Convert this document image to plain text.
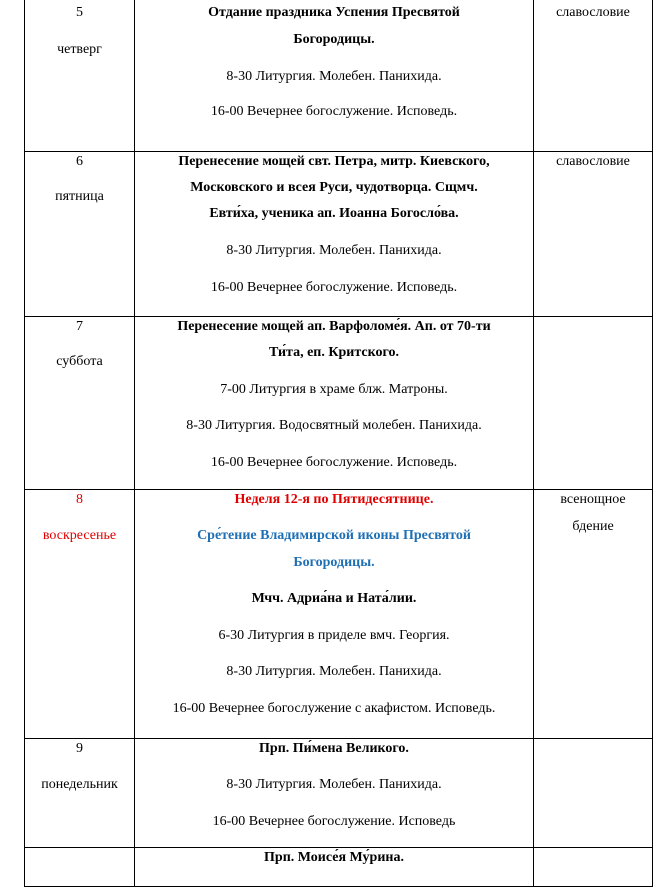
5
четверг
Отдание праздника Успения Пресвятой
Богородицы.
8-30 Литургия. Молебен. Панихида.
16-00 Вечернее богослужение. Исповедь.
славословие
6
пятница
Перенесение мощей свт. Петра, митр. Киевского,
Московского и всея Руси, чудотворца. Сщмч.
Евти́ха, ученика ап. Иоанна Богосло́ва.
8-30 Литургия. Молебен. Панихида.
16-00 Вечернее богослужение. Исповедь.
славословие
7
суббота
Перенесение мощей ап. Варфоломе́я. Ап. от 70-ти
Ти́та, еп. Критского.
7-00 Литургия в храме блж. Матроны.
8-30 Литургия. Водосвятный молебен. Панихида.
16-00 Вечернее богослужение. Исповедь.
8
воскресенье
Неделя 12-я по Пятидесятнице.
Сре́тение Владимирской иконы Пресвятой
Богородицы.
Мчч. Адриа́на и Ната́лии.
6-30 Литургия в приделе вмч. Георгия.
8-30 Литургия. Молебен. Панихида.
16-00 Вечернее богослужение с акафистом. Исповедь.
всенощное
бдение
9
понедельник
Прп. Пи́мена Великого.
8-30 Литургия. Молебен. Панихида.
16-00 Вечернее богослужение. Исповедь
Прп. Моисе́я Му́рина.
